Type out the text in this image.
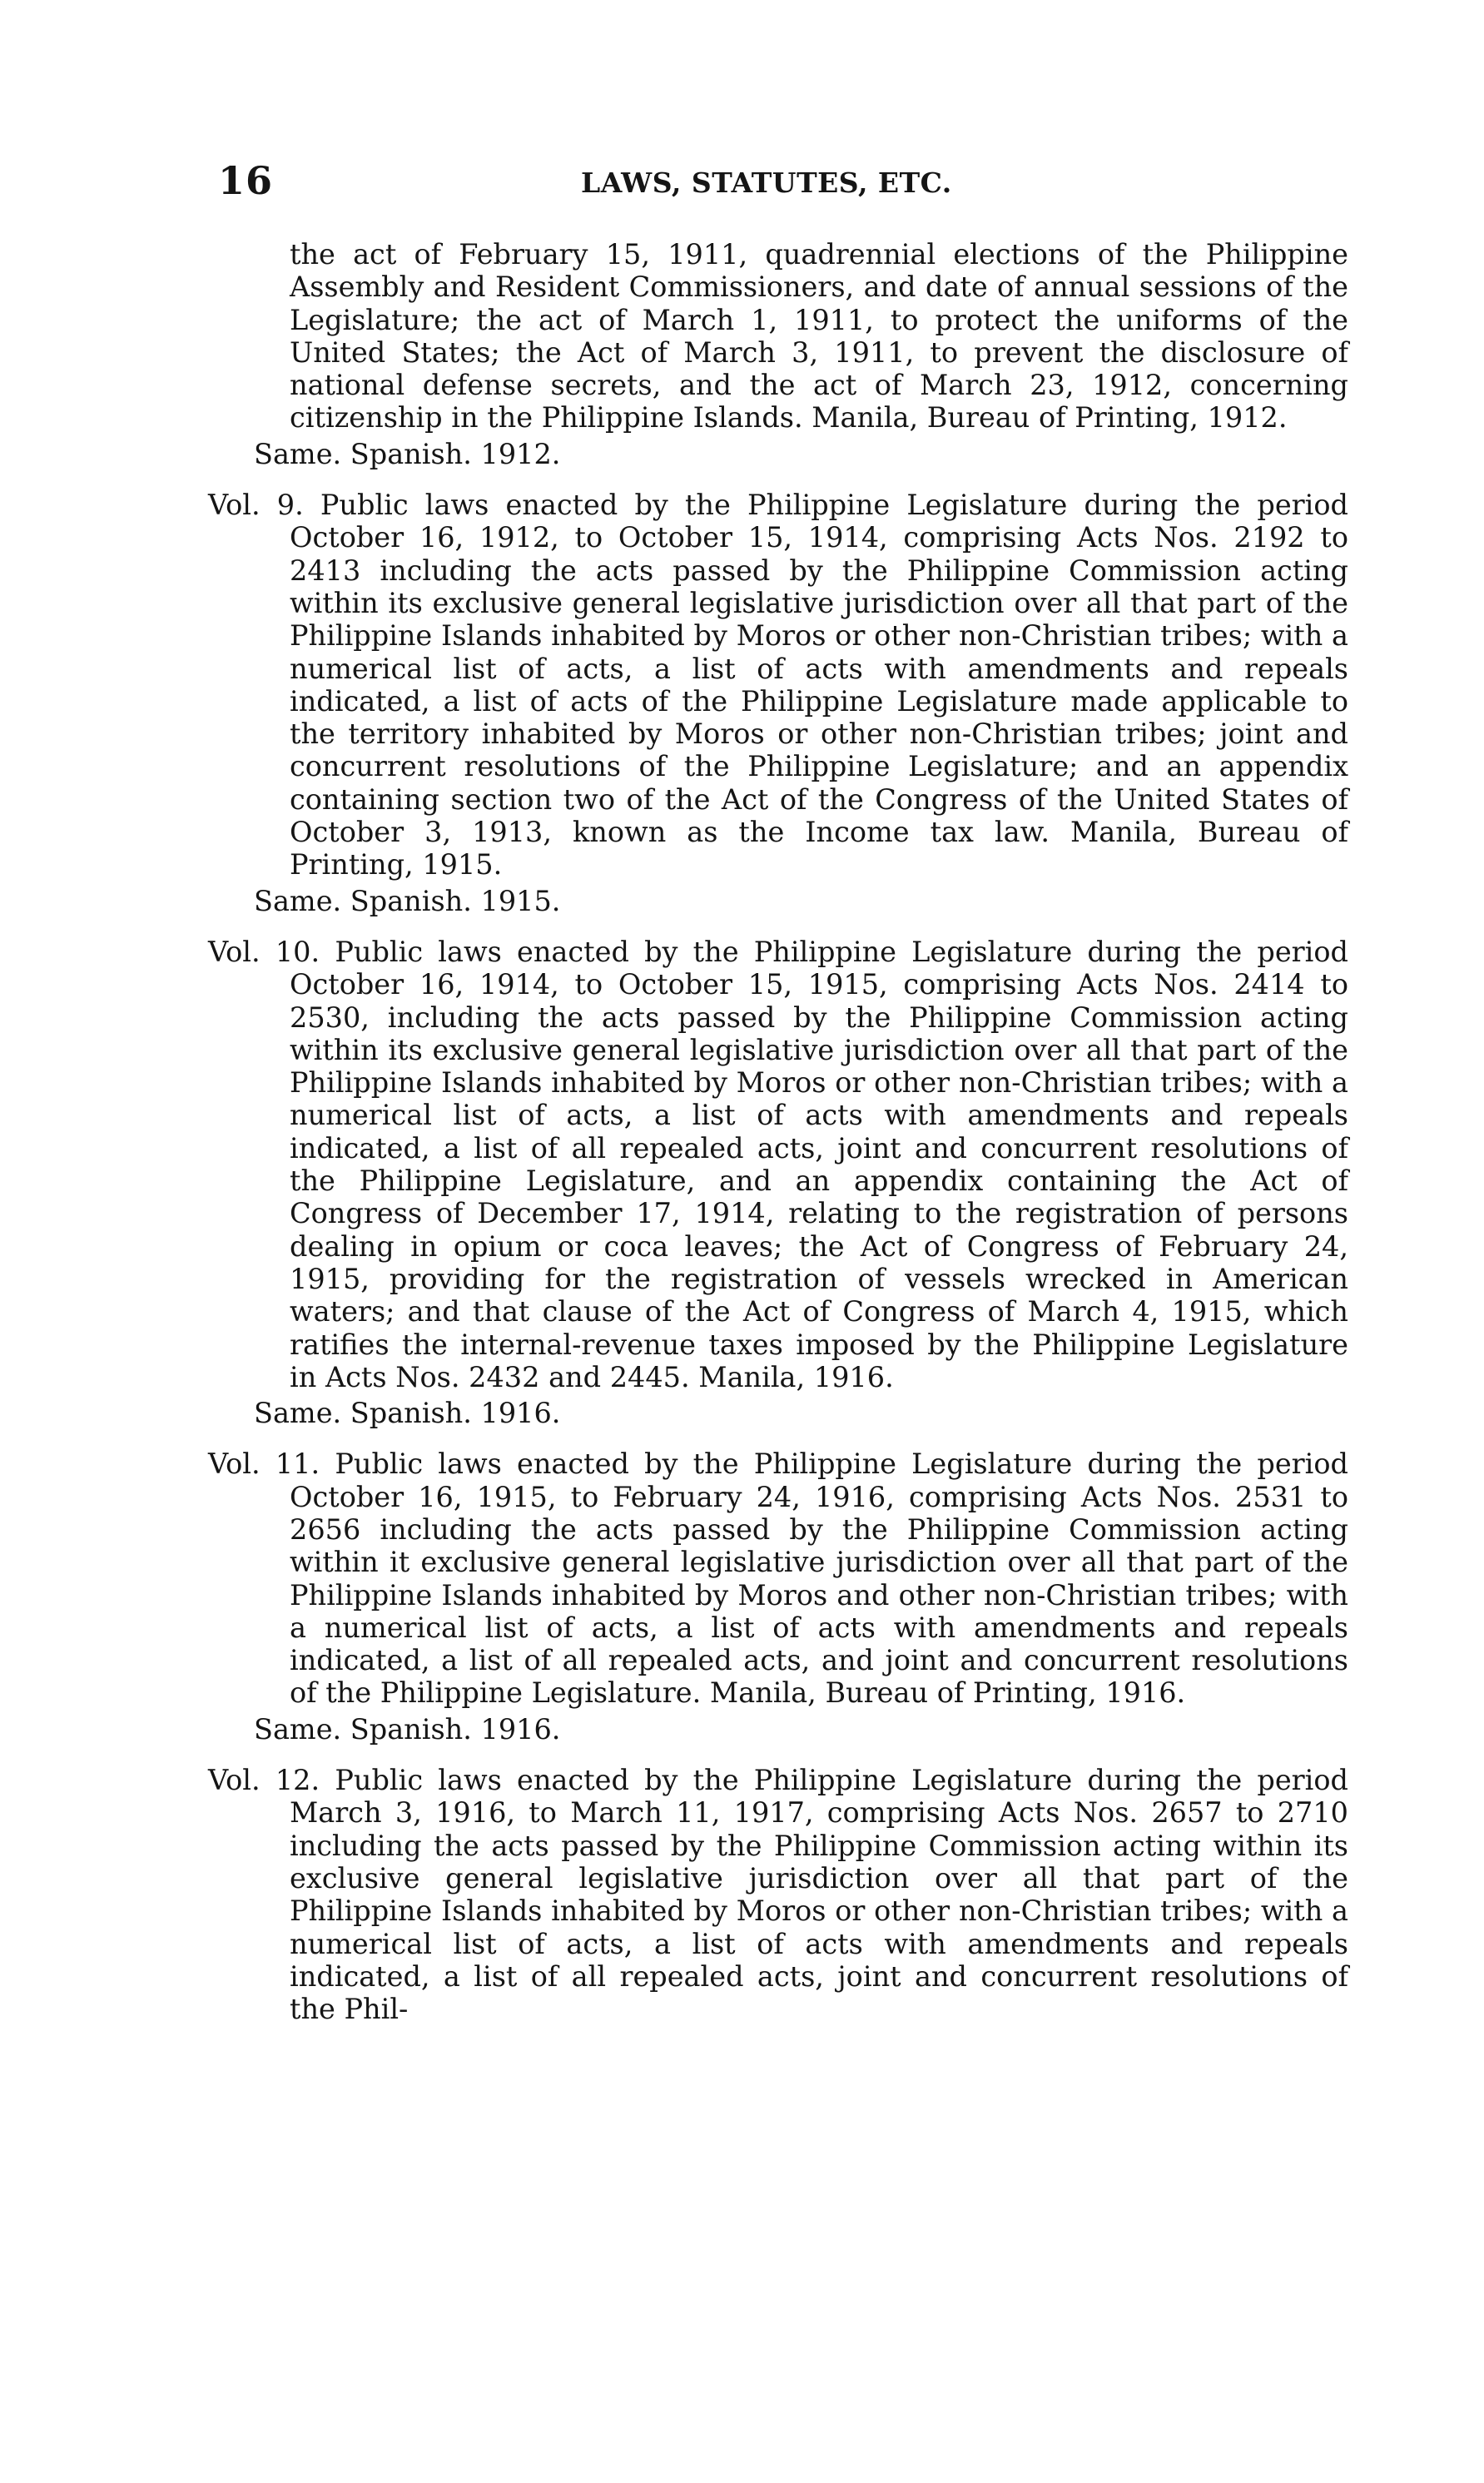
16	LAWS, STATUTES, ETC.
the act of February 15, 1911, quadrennial elections of the Philippine Assembly and Resident Commissioners, and date of annual sessions of the Legislature; the act of March 1, 1911, to protect the uniforms of the United States; the Act of March 3, 1911, to prevent the disclosure of national defense secrets, and the act of March 23, 1912, concerning citizenship in the Philippine Islands. Manila, Bureau of Printing, 1912.
Same. Spanish. 1912.
Vol. 9. Public laws enacted by the Philippine Legislature during the period October 16, 1912, to October 15, 1914, comprising Acts Nos. 2192 to 2413 including the acts passed by the Philippine Commission acting within its exclusive general legislative jurisdiction over all that part of the Philippine Islands inhabited by Moros or other non-Christian tribes; with a numerical list of acts, a list of acts with amendments and repeals indicated, a list of acts of the Philippine Legislature made applicable to the territory inhabited by Moros or other non-Christian tribes; joint and concurrent resolutions of the Philippine Legislature; and an appendix containing section two of the Act of the Congress of the United States of October 3, 1913, known as the Income tax law. Manila, Bureau of Printing, 1915.
Same. Spanish. 1915.
Vol. 10. Public laws enacted by the Philippine Legislature during the period October 16, 1914, to October 15, 1915, comprising Acts Nos. 2414 to 2530, including the acts passed by the Philippine Commission acting within its exclusive general legislative jurisdiction over all that part of the Philippine Islands inhabited by Moros or other non-Christian tribes; with a numerical list of acts, a list of acts with amendments and repeals indicated, a list of all repealed acts, joint and concurrent resolutions of the Philippine Legislature, and an appendix containing the Act of Congress of December 17, 1914, relating to the registration of persons dealing in opium or coca leaves; the Act of Congress of February 24, 1915, providing for the registration of vessels wrecked in American waters; and that clause of the Act of Congress of March 4, 1915, which ratifies the internal-revenue taxes imposed by the Philippine Legislature in Acts Nos. 2432 and 2445. Manila, 1916.
Same. Spanish. 1916.
Vol. 11. Public laws enacted by the Philippine Legislature during the period October 16, 1915, to February 24, 1916, comprising Acts Nos. 2531 to 2656 including the acts passed by the Philippine Commission acting within it exclusive general legislative jurisdiction over all that part of the Philippine Islands inhabited by Moros and other non-Christian tribes; with a numerical list of acts, a list of acts with amendments and repeals indicated, a list of all repealed acts, and joint and concurrent resolutions of the Philippine Legislature. Manila, Bureau of Printing, 1916.
Same. Spanish. 1916.
Vol. 12. Public laws enacted by the Philippine Legislature during the period March 3, 1916, to March 11, 1917, comprising Acts Nos. 2657 to 2710 including the acts passed by the Philippine Commission acting within its exclusive general legislative jurisdiction over all that part of the Philippine Islands inhabited by Moros or other non-Christian tribes; with a numerical list of acts, a list of acts with amendments and repeals indicated, a list of all repealed acts, joint and concurrent resolutions of the Phil-
